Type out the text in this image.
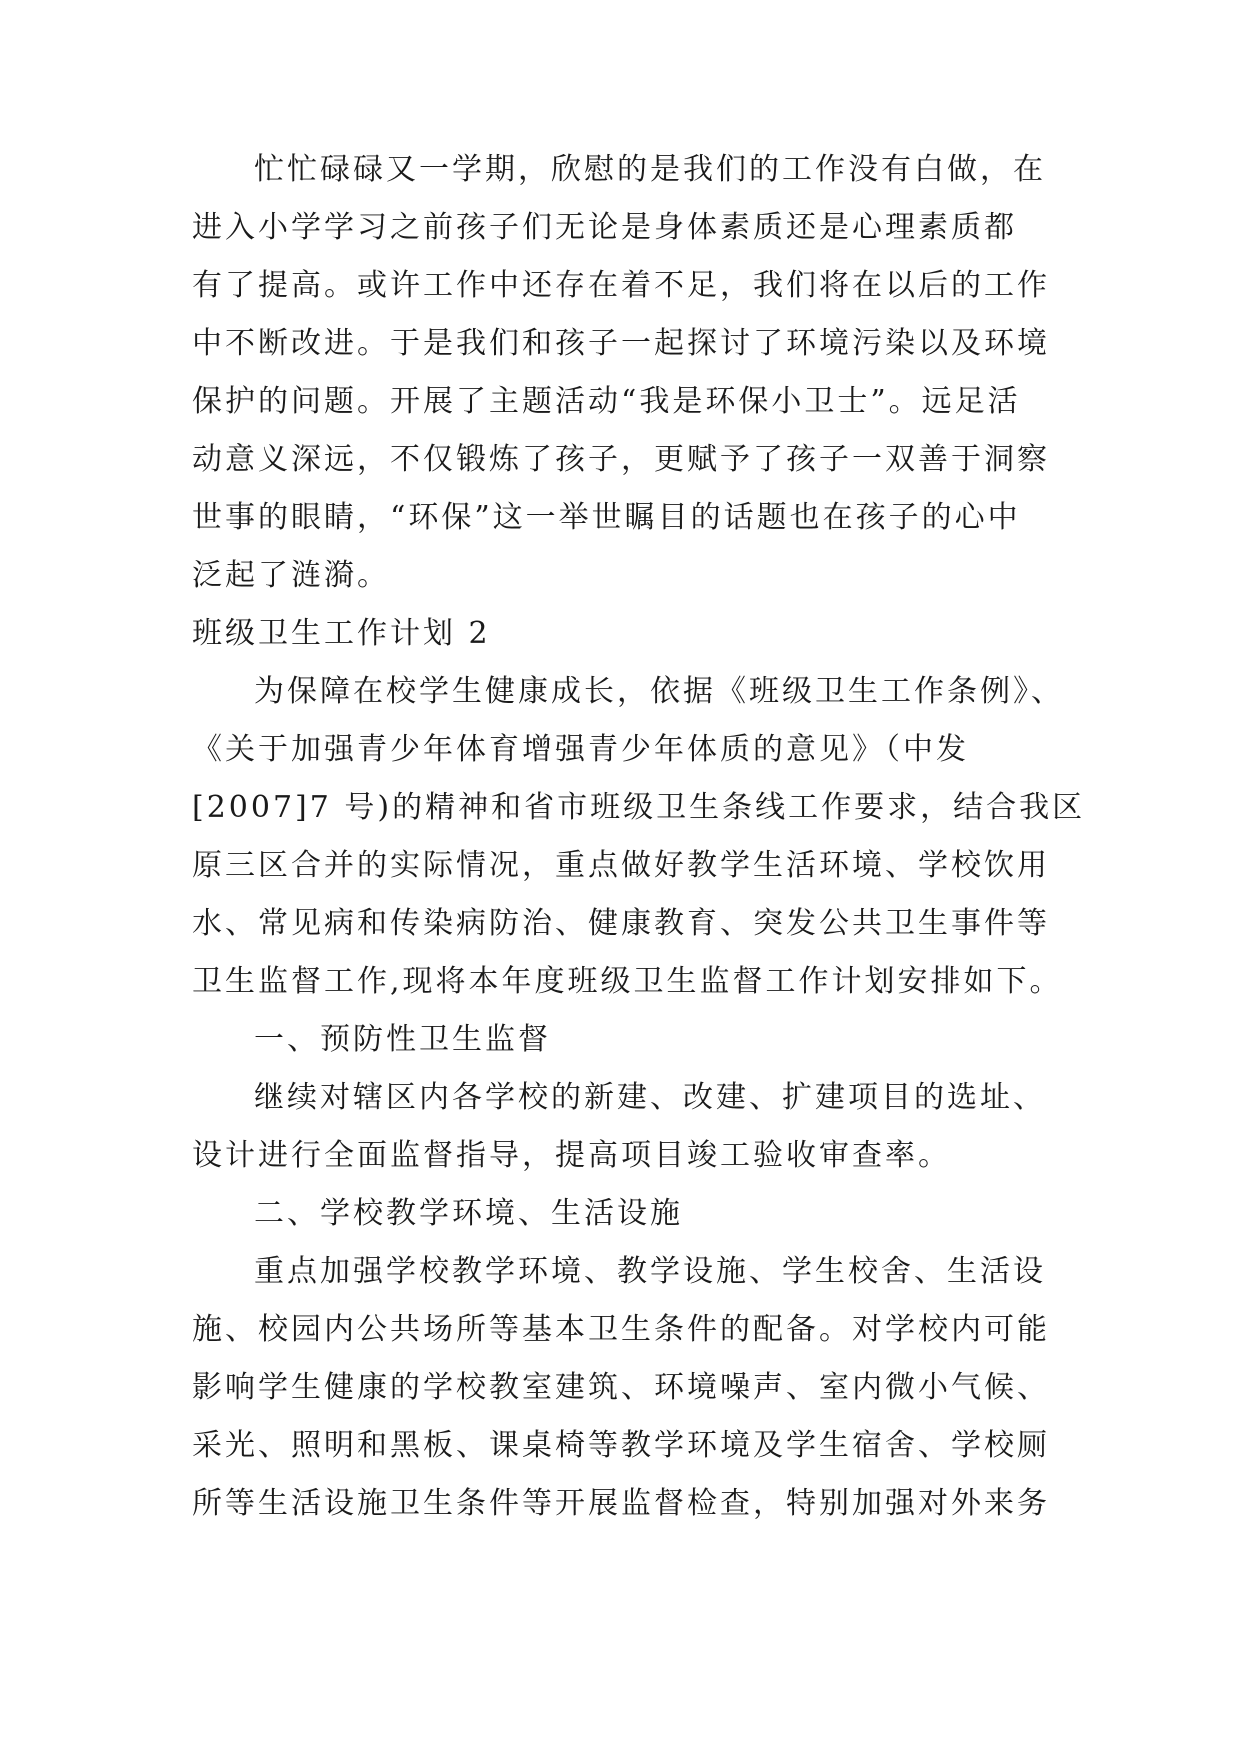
忙忙碌碌又一学期，欣慰的是我们的工作没有白做，在
进入小学学习之前孩子们无论是身体素质还是心理素质都
有了提高。或许工作中还存在着不足，我们将在以后的工作
中不断改进。于是我们和孩子一起探讨了环境污染以及环境
保护的问题。开展了主题活动“我是环保小卫士”。远足活
动意义深远，不仅锻炼了孩子，更赋予了孩子一双善于洞察
世事的眼睛，“环保”这一举世瞩目的话题也在孩子的心中
泛起了涟漪。
班级卫生工作计划 2
为保障在校学生健康成长，依据《班级卫生工作条例》、
《关于加强青少年体育增强青少年体质的意见》（中发
[2007]7 号)的精神和省市班级卫生条线工作要求，结合我区
原三区合并的实际情况，重点做好教学生活环境、学校饮用
水、常见病和传染病防治、健康教育、突发公共卫生事件等
卫生监督工作,现将本年度班级卫生监督工作计划安排如下。
一、预防性卫生监督
继续对辖区内各学校的新建、改建、扩建项目的选址、
设计进行全面监督指导，提高项目竣工验收审查率。
二、学校教学环境、生活设施
重点加强学校教学环境、教学设施、学生校舍、生活设
施、校园内公共场所等基本卫生条件的配备。对学校内可能
影响学生健康的学校教室建筑、环境噪声、室内微小气候、
采光、照明和黑板、课桌椅等教学环境及学生宿舍、学校厕
所等生活设施卫生条件等开展监督检查，特别加强对外来务
